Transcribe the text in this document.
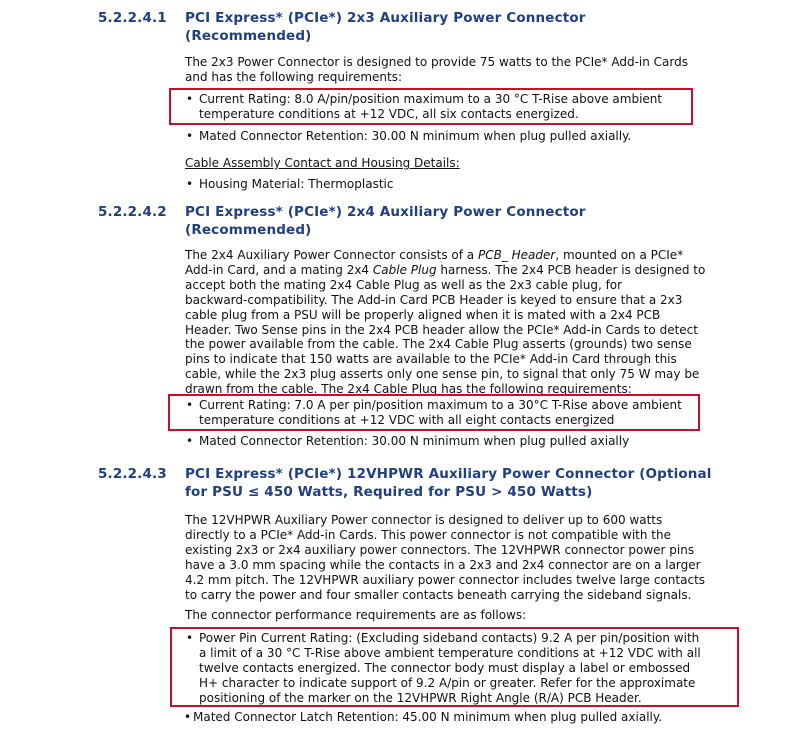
5.2.2.4.1 PCI Express* (PCIe*) 2x3 Auxiliary Power Connector
(Recommended)
The 2x3 Power Connector is designed to provide 75 watts to the PCIe* Add-in Cards
and has the following requirements:
• Current Rating: 8.0 A/pin/position maximum to a 30 °C T-Rise above ambient
temperature conditions at +12 VDC, all six contacts energized.
• Mated Connector Retention: 30.00 N minimum when plug pulled axially.
Cable Assembly Contact and Housing Details:
• Housing Material: Thermoplastic
5.2.2.4.2 PCI Express* (PCIe*) 2x4 Auxiliary Power Connector
(Recommended)
The 2x4 Auxiliary Power Connector consists of a PCB_ Header, mounted on a PCIe*
Add-in Card, and a mating 2x4 Cable Plug harness. The 2x4 PCB header is designed to
accept both the mating 2x4 Cable Plug as well as the 2x3 cable plug, for
backward-compatibility. The Add-in Card PCB Header is keyed to ensure that a 2x3
cable plug from a PSU will be properly aligned when it is mated with a 2x4 PCB
Header. Two Sense pins in the 2x4 PCB header allow the PCIe* Add-in Cards to detect
the power available from the cable. The 2x4 Cable Plug asserts (grounds) two sense
pins to indicate that 150 watts are available to the PCIe* Add-in Card through this
cable, while the 2x3 plug asserts only one sense pin, to signal that only 75 W may be
drawn from the cable. The 2x4 Cable Plug has the following requirements:
• Current Rating: 7.0 A per pin/position maximum to a 30°C T-Rise above ambient
temperature conditions at +12 VDC with all eight contacts energized
• Mated Connector Retention: 30.00 N minimum when plug pulled axially
5.2.2.4.3 PCI Express* (PCIe*) 12VHPWR Auxiliary Power Connector (Optional
for PSU ≤ 450 Watts, Required for PSU > 450 Watts)
The 12VHPWR Auxiliary Power connector is designed to deliver up to 600 watts
directly to a PCIe* Add-in Cards. This power connector is not compatible with the
existing 2x3 or 2x4 auxiliary power connectors. The 12VHPWR connector power pins
have a 3.0 mm spacing while the contacts in a 2x3 and 2x4 connector are on a larger
4.2 mm pitch. The 12VHPWR auxiliary power connector includes twelve large contacts
to carry the power and four smaller contacts beneath carrying the sideband signals.
The connector performance requirements are as follows:
• Power Pin Current Rating: (Excluding sideband contacts) 9.2 A per pin/position with
a limit of a 30 °C T-Rise above ambient temperature conditions at +12 VDC with all
twelve contacts energized. The connector body must display a label or embossed
H+ character to indicate support of 9.2 A/pin or greater. Refer for the approximate
positioning of the marker on the 12VHPWR Right Angle (R/A) PCB Header.
• Mated Connector Latch Retention: 45.00 N minimum when plug pulled axially.
